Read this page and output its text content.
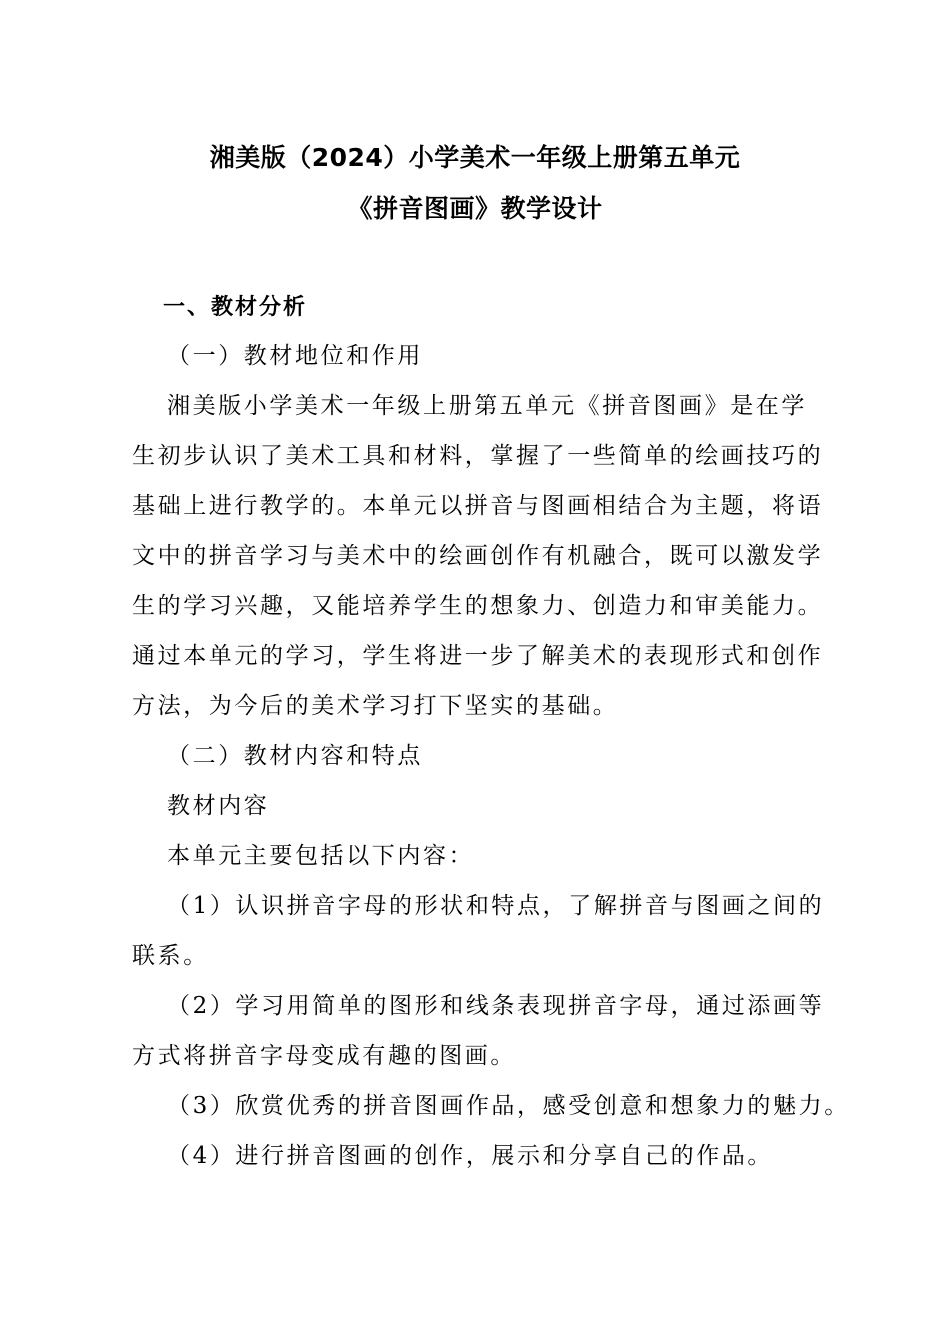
湘美版（2024）小学美术一年级上册第五单元
《拼音图画》教学设计
一、教材分析
（一）教材地位和作用
湘美版小学美术一年级上册第五单元《拼音图画》是在学
生初步认识了美术工具和材料，掌握了一些简单的绘画技巧的
基础上进行教学的。本单元以拼音与图画相结合为主题，将语
文中的拼音学习与美术中的绘画创作有机融合，既可以激发学
生的学习兴趣，又能培养学生的想象力、创造力和审美能力。
通过本单元的学习，学生将进一步了解美术的表现形式和创作
方法，为今后的美术学习打下坚实的基础。
（二）教材内容和特点
教材内容
本单元主要包括以下内容：
（1）认识拼音字母的形状和特点，了解拼音与图画之间的
联系。
（2）学习用简单的图形和线条表现拼音字母，通过添画等
方式将拼音字母变成有趣的图画。
（3）欣赏优秀的拼音图画作品，感受创意和想象力的魅力。
（4）进行拼音图画的创作，展示和分享自己的作品。
